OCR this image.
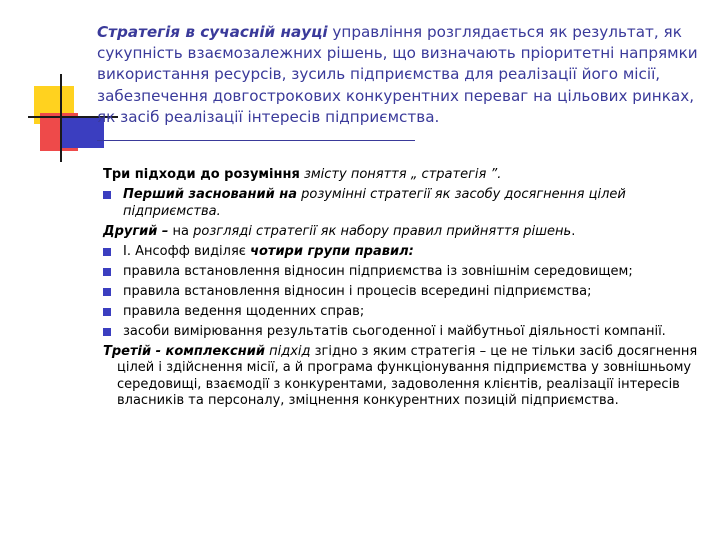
Стратегія в сучасній науці управління розглядається як результат, як сукупність взаємозалежних рішень, що визначають пріоритетні напрямки використання ресурсів, зусиль підприємства для реалізації його місії, забезпечення довгострокових конкурентних переваг на цільових ринках, як засіб реалізації інтересів підприємства.

Три підходи до розуміння змісту поняття „ стратегія ”.

Перший заснований на розумінні стратегії як засобу досягнення цілей підприємства.

Другий – на розгляді стратегії як набору правил прийняття рішень.

І. Ансофф виділяє чотири групи правил:
правила встановлення відносин підприємства із зовнішнім середовищем;
правила встановлення відносин і процесів всередині підприємства;
правила ведення щоденних справ;
засоби вимірювання результатів сьогоденної і майбутньої діяльності компанії.

Третій - комплексний підхід згідно з яким стратегія – це не тільки засіб досягнення цілей і здійснення місії, а й програма функціонування підприємства у зовнішньому середовищі, взаємодії з конкурентами, задоволення клієнтів, реалізації інтересів власників та персоналу, зміцнення конкурентних позицій підприємства.
